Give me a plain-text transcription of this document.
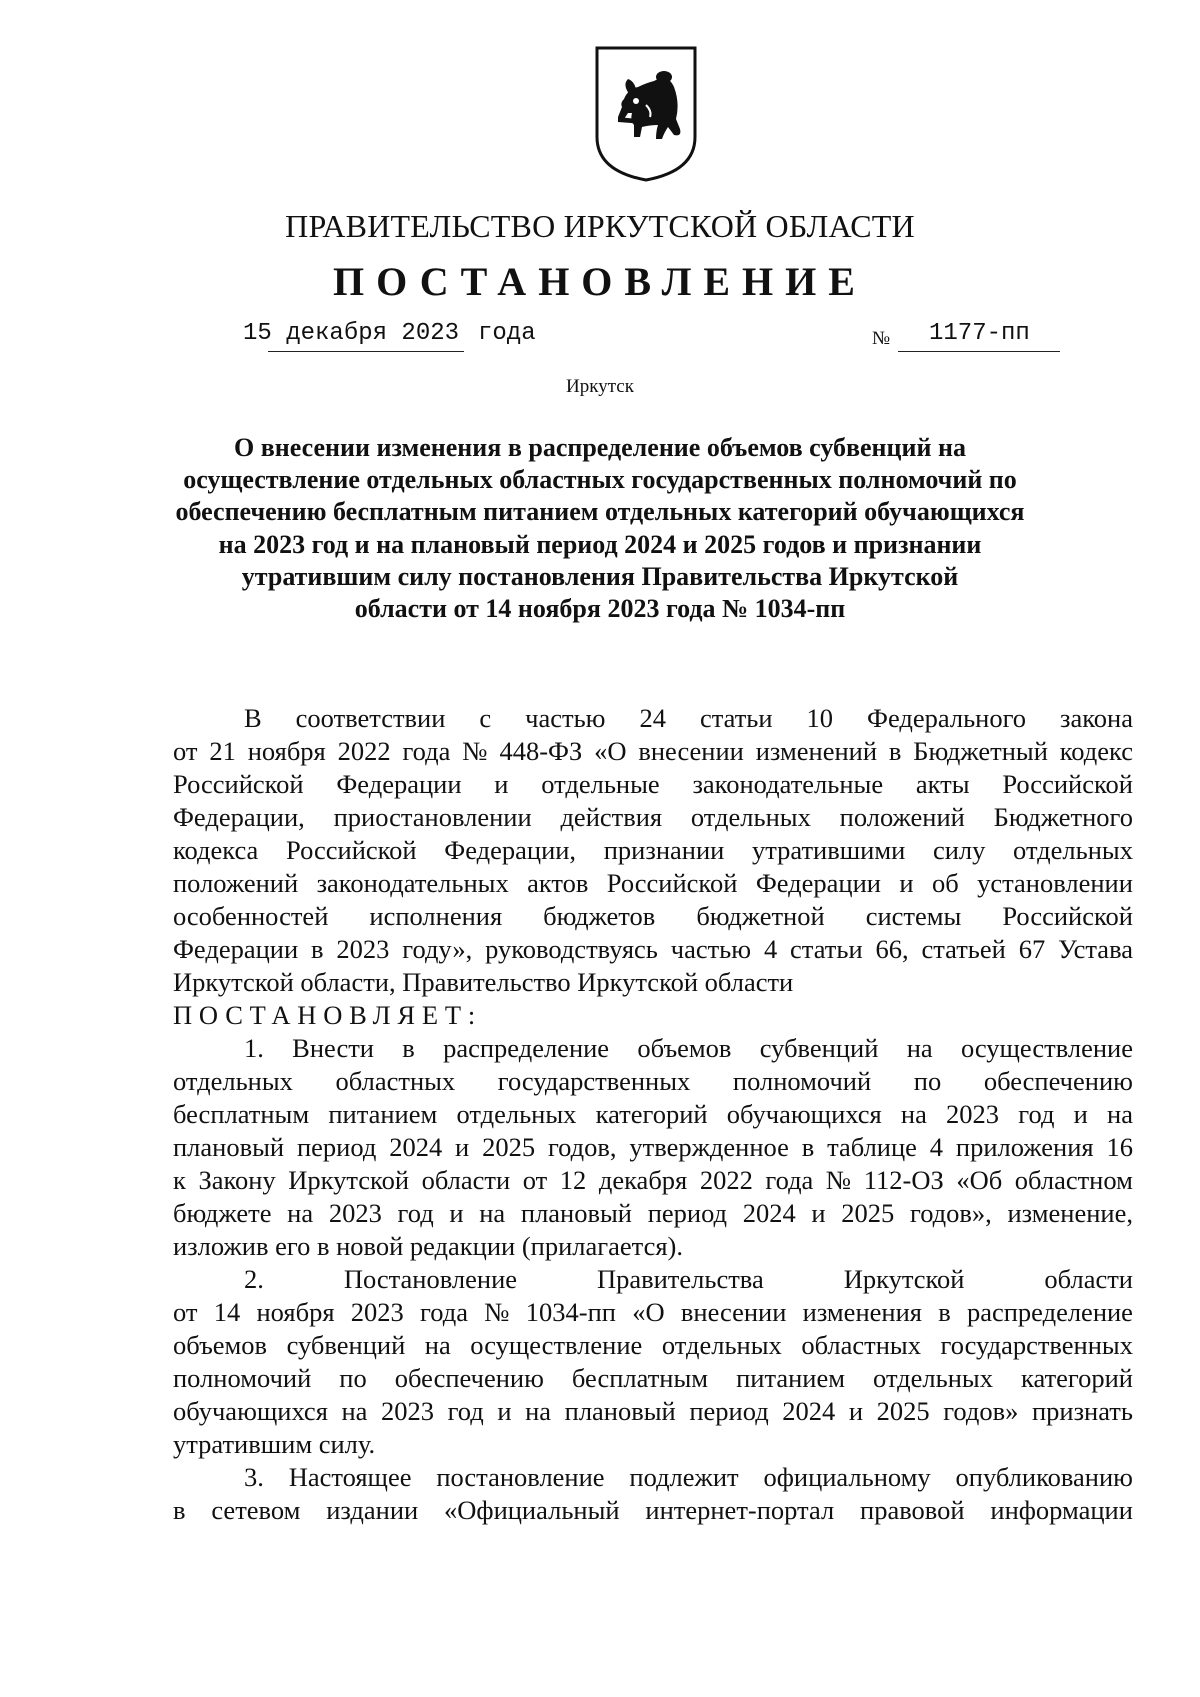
ПРАВИТЕЛЬСТВО ИРКУТСКОЙ ОБЛАСТИ
ПОСТАНОВЛЕНИЕ
15 декабря 2023 года	№ 1177-пп
Иркутск
О внесении изменения в распределение объемов субвенций на
осуществление отдельных областных государственных полномочий по
обеспечению бесплатным питанием отдельных категорий обучающихся
на 2023 год и на плановый период 2024 и 2025 годов и признании
утратившим силу постановления Правительства Иркутской
области от 14 ноября 2023 года № 1034-пп
В соответствии с частью 24 статьи 10 Федерального закона
от 21 ноября 2022 года № 448-ФЗ «О внесении изменений в Бюджетный кодекс
Российской Федерации и отдельные законодательные акты Российской
Федерации, приостановлении действия отдельных положений Бюджетного
кодекса Российской Федерации, признании утратившими силу отдельных
положений законодательных актов Российской Федерации и об установлении
особенностей исполнения бюджетов бюджетной системы Российской
Федерации в 2023 году», руководствуясь частью 4 статьи 66, статьей 67 Устава
Иркутской области, Правительство Иркутской области
ПОСТАНОВЛЯЕТ:
1. Внести в распределение объемов субвенций на осуществление
отдельных областных государственных полномочий по обеспечению
бесплатным питанием отдельных категорий обучающихся на 2023 год и на
плановый период 2024 и 2025 годов, утвержденное в таблице 4 приложения 16
к Закону Иркутской области от 12 декабря 2022 года № 112-ОЗ «Об областном
бюджете на 2023 год и на плановый период 2024 и 2025 годов», изменение,
изложив его в новой редакции (прилагается).
2.	Постановление	Правительства	Иркутской	области
от 14 ноября 2023 года № 1034-пп «О внесении изменения в распределение
объемов субвенций на осуществление отдельных областных государственных
полномочий по обеспечению бесплатным питанием отдельных категорий
обучающихся на 2023 год и на плановый период 2024 и 2025 годов» признать
утратившим силу.
3. Настоящее постановление подлежит официальному опубликованию
в сетевом издании «Официальный интернет-портал правовой информации
